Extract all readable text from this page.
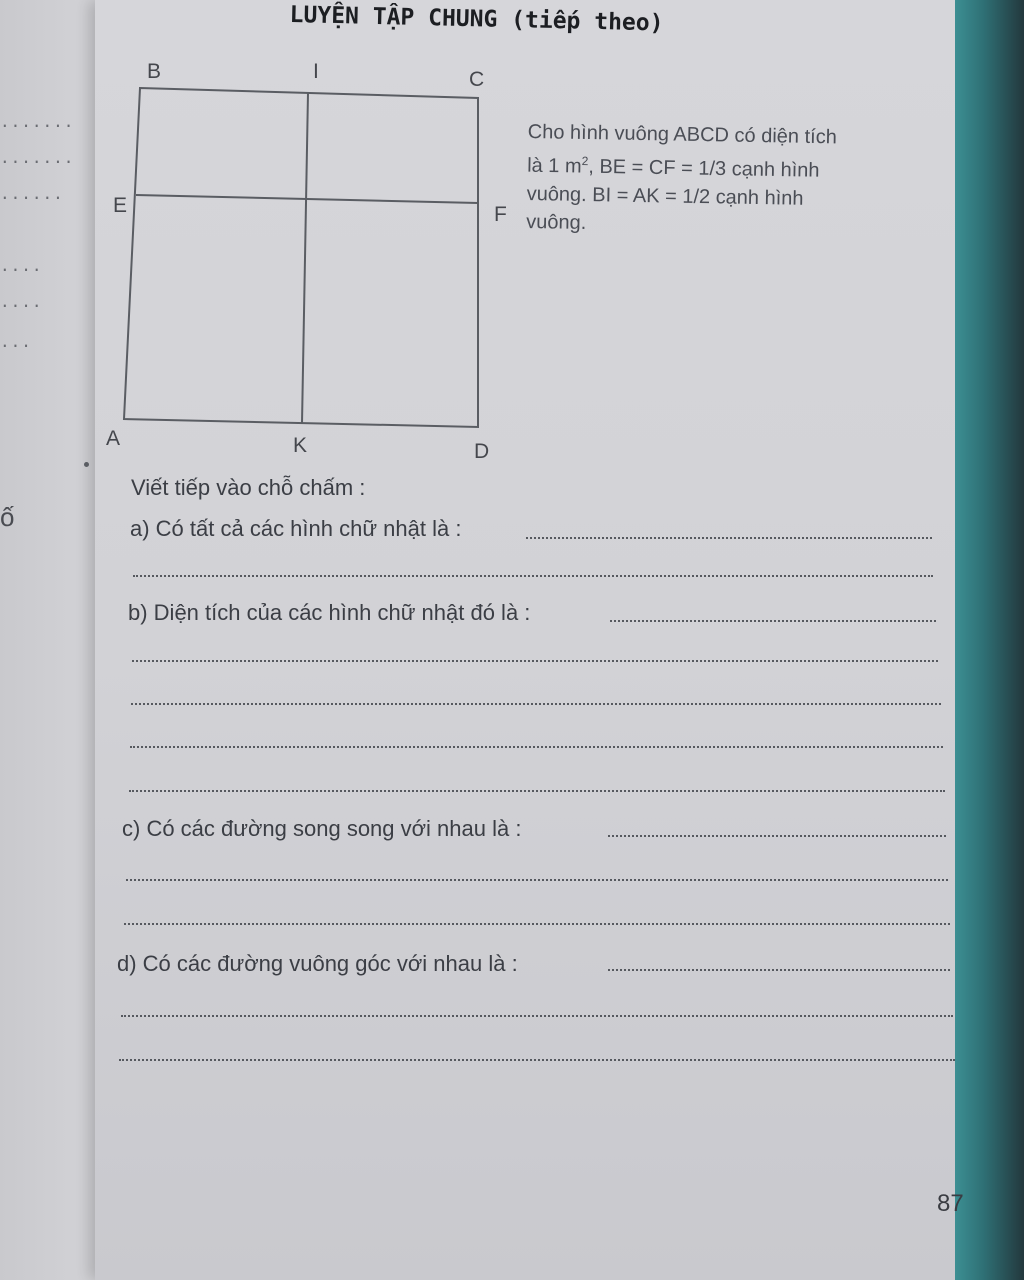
.......
.......
......
....
....
...
ố
LUYỆN TẬP CHUNG (tiếp theo)
B	I	C
E	F
A	K	D
Cho hình vuông ABCD có diện tích
là 1 $m^2$, BE = CF = 1/3 cạnh hình
vuông. BI = AK = 1/2 cạnh hình
vuông.
Viết tiếp vào chỗ chấm :
a) Có tất cả các hình chữ nhật là :
b) Diện tích của các hình chữ nhật đó là :
c) Có các đường song song với nhau là :
d) Có các đường vuông góc với nhau là :
87
